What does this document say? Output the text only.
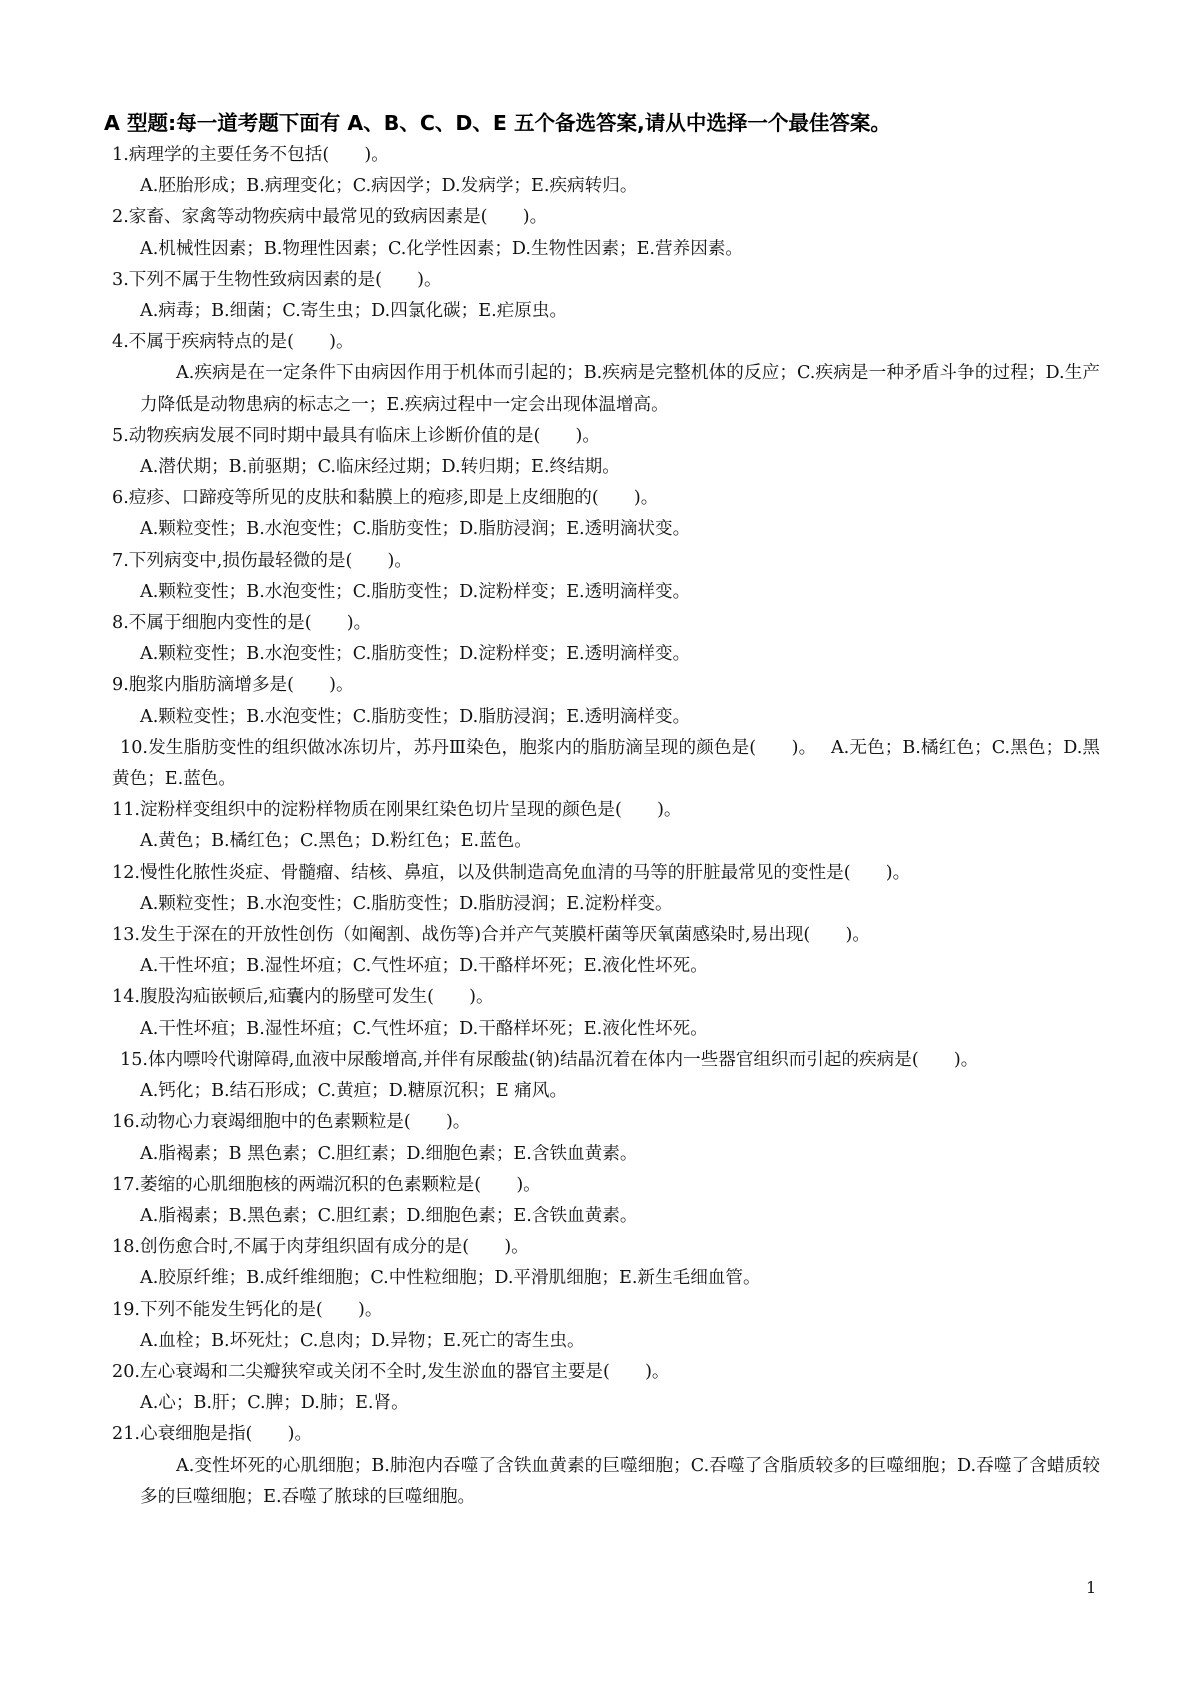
A 型题:每一道考题下面有 A、B、C、D、E 五个备选答案,请从中选择一个最佳答案。
1.病理学的主要任务不包括(　　)。
A.胚胎形成；B.病理变化；C.病因学；D.发病学；E.疾病转归。
2.家畜、家禽等动物疾病中最常见的致病因素是(　　)。
A.机械性因素；B.物理性因素；C.化学性因素；D.生物性因素；E.营养因素。
3.下列不属于生物性致病因素的是(　　)。
A.病毒；B.细菌；C.寄生虫；D.四氯化碳；E.疟原虫。
4.不属于疾病特点的是(　　)。
A.疾病是在一定条件下由病因作用于机体而引起的；B.疾病是完整机体的反应；C.疾病是一种矛盾斗争的过程；D.生产力降低是动物患病的标志之一；E.疾病过程中一定会出现体温增高。
5.动物疾病发展不同时期中最具有临床上诊断价值的是(　　)。
A.潜伏期；B.前驱期；C.临床经过期；D.转归期；E.终结期。
6.痘疹、口蹄疫等所见的皮肤和黏膜上的疱疹,即是上皮细胞的(　　)。
A.颗粒变性；B.水泡变性；C.脂肪变性；D.脂肪浸润；E.透明滴状变。
7.下列病变中,损伤最轻微的是(　　)。
A.颗粒变性；B.水泡变性；C.脂肪变性；D.淀粉样变；E.透明滴样变。
8.不属于细胞内变性的是(　　)。
A.颗粒变性；B.水泡变性；C.脂肪变性；D.淀粉样变；E.透明滴样变。
9.胞浆内脂肪滴增多是(　　)。
A.颗粒变性；B.水泡变性；C.脂肪变性；D.脂肪浸润；E.透明滴样变。
10.发生脂肪变性的组织做冰冻切片，苏丹Ⅲ染色，胞浆内的脂肪滴呈现的颜色是(　　)。　 A.无色；B.橘红色；C.黑色；D.黑黄色；E.蓝色。
11.淀粉样变组织中的淀粉样物质在刚果红染色切片呈现的颜色是(　　)。
A.黄色；B.橘红色；C.黑色；D.粉红色；E.蓝色。
12.慢性化脓性炎症、骨髓瘤、结核、鼻疽，以及供制造高免血清的马等的肝脏最常见的变性是(　　)。
A.颗粒变性；B.水泡变性；C.脂肪变性；D.脂肪浸润；E.淀粉样变。
13.发生于深在的开放性创伤（如阉割、战伤等)合并产气荚膜杆菌等厌氧菌感染时,易出现(　　)。
A.干性坏疽；B.湿性坏疽；C.气性坏疽；D.干酪样坏死；E.液化性坏死。
14.腹股沟疝嵌顿后,疝囊内的肠壁可发生(　　)。
A.干性坏疽；B.湿性坏疽；C.气性坏疽；D.干酪样坏死；E.液化性坏死。
15.体内嘌呤代谢障碍,血液中尿酸增高,并伴有尿酸盐(钠)结晶沉着在体内一些器官组织而引起的疾病是(　　)。
A.钙化；B.结石形成；C.黄疸；D.糖原沉积；E 痛风。
16.动物心力衰竭细胞中的色素颗粒是(　　)。
A.脂褐素；B 黑色素；C.胆红素；D.细胞色素；E.含铁血黄素。
17.萎缩的心肌细胞核的两端沉积的色素颗粒是(　　)。
A.脂褐素；B.黑色素；C.胆红素；D.细胞色素；E.含铁血黄素。
18.创伤愈合时,不属于肉芽组织固有成分的是(　　)。
A.胶原纤维；B.成纤维细胞；C.中性粒细胞；D.平滑肌细胞；E.新生毛细血管。
19.下列不能发生钙化的是(　　)。
A.血栓；B.坏死灶；C.息肉；D.异物；E.死亡的寄生虫。
20.左心衰竭和二尖瓣狭窄或关闭不全时,发生淤血的器官主要是(　　)。
A.心；B.肝；C.脾；D.肺；E.肾。
21.心衰细胞是指(　　)。
A.变性坏死的心肌细胞；B.肺泡内吞噬了含铁血黄素的巨噬细胞；C.吞噬了含脂质较多的巨噬细胞；D.吞噬了含蜡质较多的巨噬细胞；E.吞噬了脓球的巨噬细胞。
1
